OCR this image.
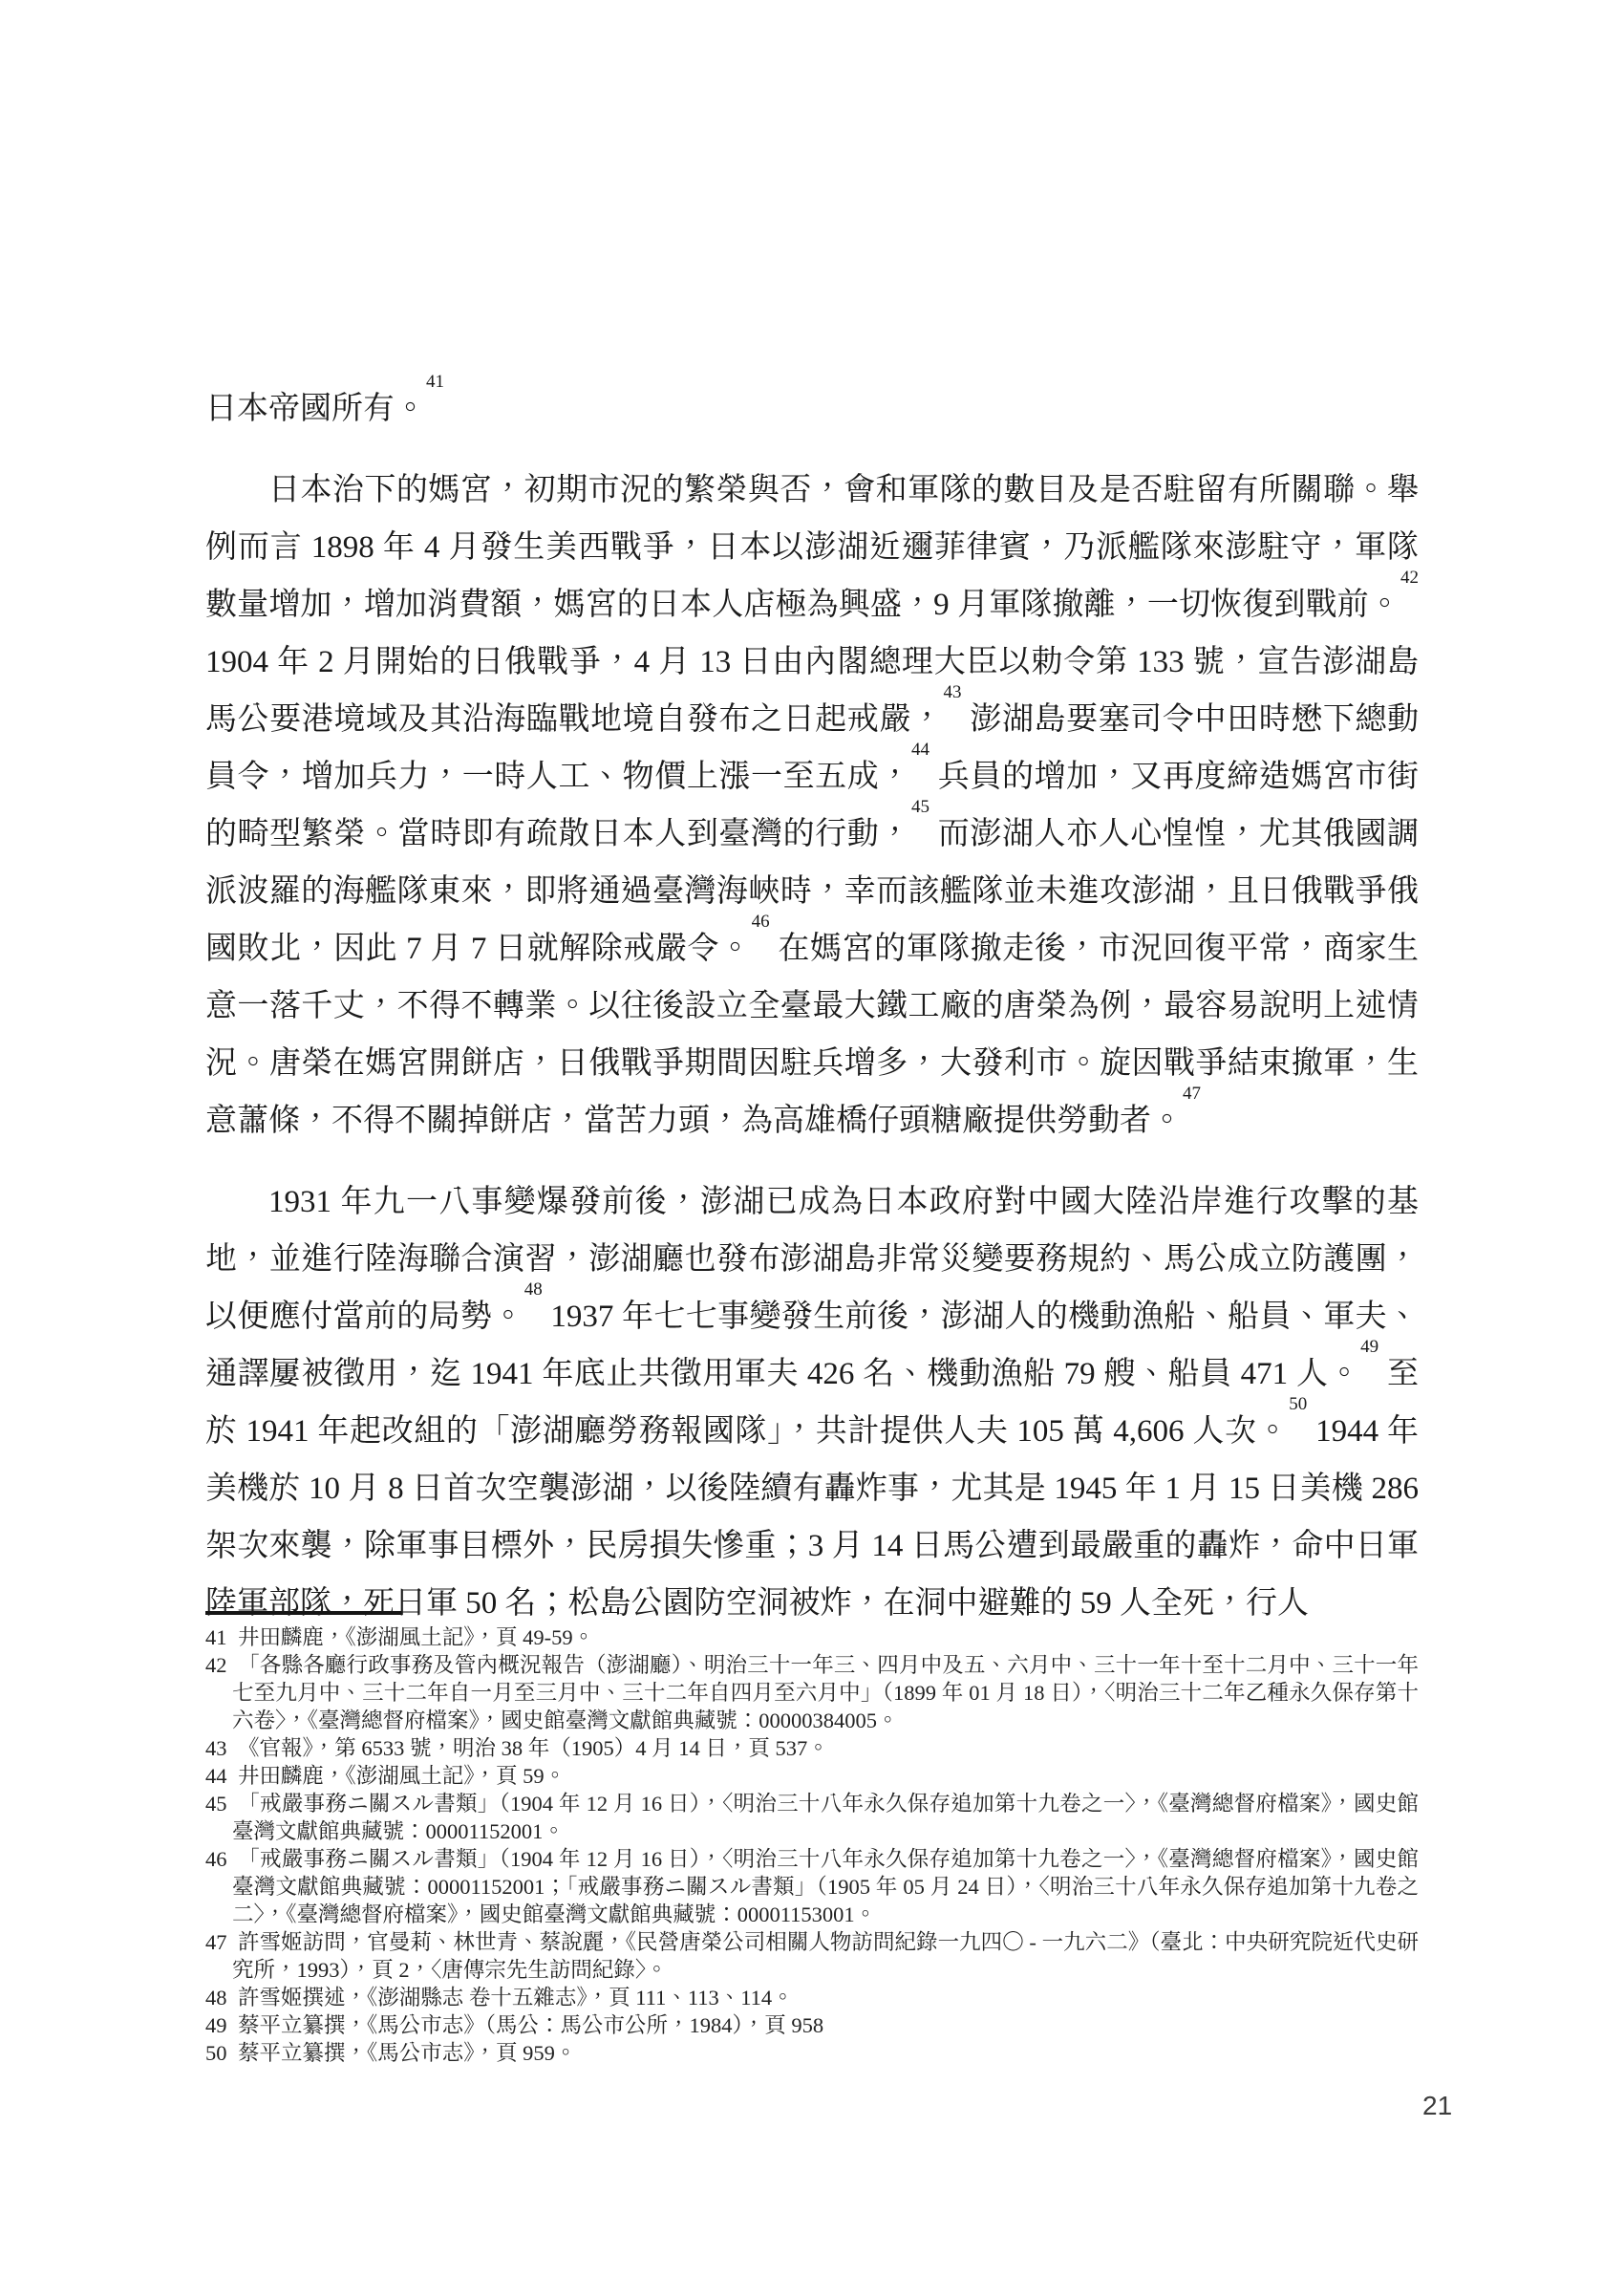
日本帝國所有。$^{41}$

日本治下的媽宮，初期市況的繁榮與否，會和軍隊的數目及是否駐留有所關聯。舉例而言 1898 年 4 月發生美西戰爭，日本以澎湖近邇菲律賓，乃派艦隊來澎駐守，軍隊數量增加，增加消費額，媽宮的日本人店極為興盛，9 月軍隊撤離，一切恢復到戰前。$^{42}$ 1904 年 2 月開始的日俄戰爭，4 月 13 日由內閣總理大臣以勅令第 133 號，宣告澎湖島馬公要港境域及其沿海臨戰地境自發布之日起戒嚴，$^{43}$ 澎湖島要塞司令中田時懋下總動員令，增加兵力，一時人工、物價上漲一至五成，$^{44}$ 兵員的增加，又再度締造媽宮市街的畸型繁榮。當時即有疏散日本人到臺灣的行動，$^{45}$ 而澎湖人亦人心惶惶，尤其俄國調派波羅的海艦隊東來，即將通過臺灣海峽時，幸而該艦隊並未進攻澎湖，且日俄戰爭俄國敗北，因此 7 月 7 日就解除戒嚴令。$^{46}$ 在媽宮的軍隊撤走後，市況回復平常，商家生意一落千丈，不得不轉業。以往後設立全臺最大鐵工廠的唐榮為例，最容易說明上述情況。唐榮在媽宮開餅店，日俄戰爭期間因駐兵增多，大發利市。旋因戰爭結束撤軍，生意蕭條，不得不關掉餅店，當苦力頭，為高雄橋仔頭糖廠提供勞動者。$^{47}$

1931 年九一八事變爆發前後，澎湖已成為日本政府對中國大陸沿岸進行攻擊的基地，並進行陸海聯合演習，澎湖廳也發布澎湖島非常災變要務規約、馬公成立防護團，以便應付當前的局勢。$^{48}$ 1937 年七七事變發生前後，澎湖人的機動漁船、船員、軍夫、通譯屢被徵用，迄 1941 年底止共徵用軍夫 426 名、機動漁船 79 艘、船員 471 人。$^{49}$ 至於 1941 年起改組的「澎湖廳勞務報國隊」，共計提供人夫 105 萬 4,606 人次。$^{50}$ 1944 年美機於 10 月 8 日首次空襲澎湖，以後陸續有轟炸事，尤其是 1945 年 1 月 15 日美機 286 架次來襲，除軍事目標外，民房損失慘重；3 月 14 日馬公遭到最嚴重的轟炸，命中日軍陸軍部隊，死日軍 50 名；松島公園防空洞被炸，在洞中避難的 59 人全死，行人

41 井田麟鹿，《澎湖風土記》，頁 49-59。
42 「各縣各廳行政事務及管內概況報告（澎湖廳）、明治三十一年三、四月中及五、六月中、三十一年十至十二月中、三十一年七至九月中、三十二年自一月至三月中、三十二年自四月至六月中」（1899 年 01 月 18 日），〈明治三十二年乙種永久保存第十六卷〉，《臺灣總督府檔案》，國史館臺灣文獻館典藏號：00000384005。
43 《官報》，第 6533 號，明治 38 年（1905）4 月 14 日，頁 537。
44 井田麟鹿，《澎湖風土記》，頁 59。
45 「戒嚴事務ニ關スル書類」（1904 年 12 月 16 日），〈明治三十八年永久保存追加第十九卷之一〉，《臺灣總督府檔案》，國史館臺灣文獻館典藏號：00001152001。
46 「戒嚴事務ニ關スル書類」（1904 年 12 月 16 日），〈明治三十八年永久保存追加第十九卷之一〉，《臺灣總督府檔案》，國史館臺灣文獻館典藏號：00001152001；「戒嚴事務ニ關スル書類」（1905 年 05 月 24 日），〈明治三十八年永久保存追加第十九卷之二〉，《臺灣總督府檔案》，國史館臺灣文獻館典藏號：00001153001。
47 許雪姬訪問，官曼莉、林世青、蔡說麗，《民營唐榮公司相關人物訪問紀錄一九四〇 - 一九六二》（臺北：中央研究院近代史研究所，1993），頁 2，〈唐傳宗先生訪問紀錄〉。
48 許雪姬撰述，《澎湖縣志 卷十五雜志》，頁 111、113、114。
49 蔡平立纂撰，《馬公市志》（馬公：馬公市公所，1984），頁 958
50 蔡平立纂撰，《馬公市志》，頁 959。
21
